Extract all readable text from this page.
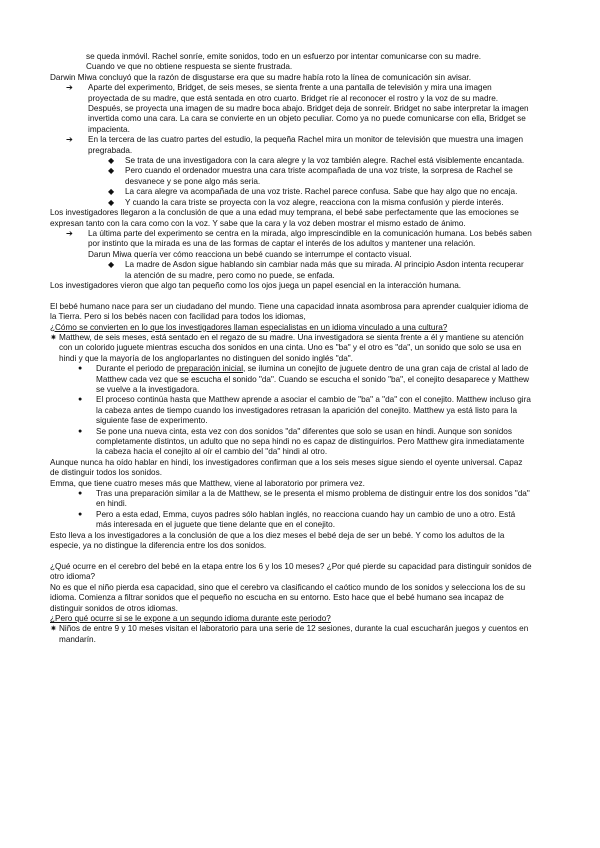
se queda inmóvil. Rachel sonríe, emite sonidos, todo en un esfuerzo por intentar comunicarse con su madre.

Cuando ve que no obtiene respuesta se siente frustrada.

Darwin Miwa concluyó que la razón de disgustarse era que su madre había roto la línea de comunicación sin avisar.

➔	Aparte del experimento, Bridget, de seis meses, se sienta frente a una pantalla de televisión y mira una imagen proyectada de su madre, que está sentada en otro cuarto. Bridget ríe al reconocer el rostro y la voz de su madre. Después, se proyecta una imagen de su madre boca abajo. Bridget deja de sonreír. Bridget no sabe interpretar la imagen invertida como una cara. La cara se convierte en un objeto peculiar. Como ya no puede comunicarse con ella, Bridget se impacienta.
➔	En la tercera de las cuatro partes del estudio, la pequeña Rachel mira un monitor de televisión que muestra una imagen pregrabada.
◆	Se trata de una investigadora con la cara alegre y la voz también alegre. Rachel está visiblemente encantada.
◆	Pero cuando el ordenador muestra una cara triste acompañada de una voz triste, la sorpresa de Rachel se desvanece y se pone algo más seria.
◆	La cara alegre va acompañada de una voz triste. Rachel parece confusa. Sabe que hay algo que no encaja.
◆	Y cuando la cara triste se proyecta con la voz alegre, reacciona con la misma confusión y pierde interés.

Los investigadores llegaron a la conclusión de que a una edad muy temprana, el bebé sabe perfectamente que las emociones se expresan tanto con la cara como con la voz. Y sabe que la cara y la voz deben mostrar el mismo estado de ánimo.

➔	La última parte del experimento se centra en la mirada, algo imprescindible en la comunicación humana. Los bebés saben por instinto que la mirada es una de las formas de captar el interés de los adultos y mantener una relación.

Darun Miwa quería ver cómo reacciona un bebé cuando se interrumpe el contacto visual.

◆	La madre de Asdon sigue hablando sin cambiar nada más que su mirada. Al principio Asdon intenta recuperar la atención de su madre, pero como no puede, se enfada.

Los investigadores vieron que algo tan pequeño como los ojos juega un papel esencial en la interacción humana.

El bebé humano nace para ser un ciudadano del mundo. Tiene una capacidad innata asombrosa para aprender cualquier idioma de la Tierra. Pero si los bebés nacen con facilidad para todos los idiomas,

¿Cómo se convierten en lo que los investigadores llaman especialistas en un idioma vinculado a una cultura?

✷ Matthew, de seis meses, está sentado en el regazo de su madre. Una investigadora se sienta frente a él y mantiene su atención con un colorido juguete mientras escucha dos sonidos en una cinta. Uno es "ba" y el otro es "da", un sonido que solo se usa en hindi y que la mayoría de los angloparlantes no distinguen del sonido inglés "da".
●	Durante el periodo de preparación inicial, se ilumina un conejito de juguete dentro de una gran caja de cristal al lado de Matthew cada vez que se escucha el sonido "da". Cuando se escucha el sonido "ba", el conejito desaparece y Matthew se vuelve a la investigadora.
●	El proceso continúa hasta que Matthew aprende a asociar el cambio de "ba" a "da" con el conejito. Matthew incluso gira la cabeza antes de tiempo cuando los investigadores retrasan la aparición del conejito. Matthew ya está listo para la siguiente fase de experimento.
●	Se pone una nueva cinta, esta vez con dos sonidos "da" diferentes que solo se usan en hindi. Aunque son sonidos completamente distintos, un adulto que no sepa hindi no es capaz de distinguirlos. Pero Matthew gira inmediatamente la cabeza hacia el conejito al oír el cambio del "da" hindi al otro.

Aunque nunca ha oído hablar en hindi, los investigadores confirman que a los seis meses sigue siendo el oyente universal. Capaz de distinguir todos los sonidos.

Emma, que tiene cuatro meses más que Matthew, viene al laboratorio por primera vez.

●	Tras una preparación similar a la de Matthew, se le presenta el mismo problema de distinguir entre los dos sonidos "da" en hindi.
●	Pero a esta edad, Emma, cuyos padres sólo hablan inglés, no reacciona cuando hay un cambio de uno a otro. Está más interesada en el juguete que tiene delante que en el conejito.

Esto lleva a los investigadores a la conclusión de que a los diez meses el bebé deja de ser un bebé. Y como los adultos de la especie, ya no distingue la diferencia entre los dos sonidos.

¿Qué ocurre en el cerebro del bebé en la etapa entre los 6 y los 10 meses? ¿Por qué pierde su capacidad para distinguir sonidos de otro idioma?

No es que el niño pierda esa capacidad, sino que el cerebro va clasificando el caótico mundo de los sonidos y selecciona los de su idioma. Comienza a filtrar sonidos que el pequeño no escucha en su entorno. Esto hace que el bebé humano sea incapaz de distinguir sonidos de otros idiomas.

¿Pero qué ocurre si se le expone a un segundo idioma durante este periodo?

✷ Niños de entre 9 y 10 meses visitan el laboratorio para una serie de 12 sesiones, durante la cual escucharán juegos y cuentos en mandarín.
